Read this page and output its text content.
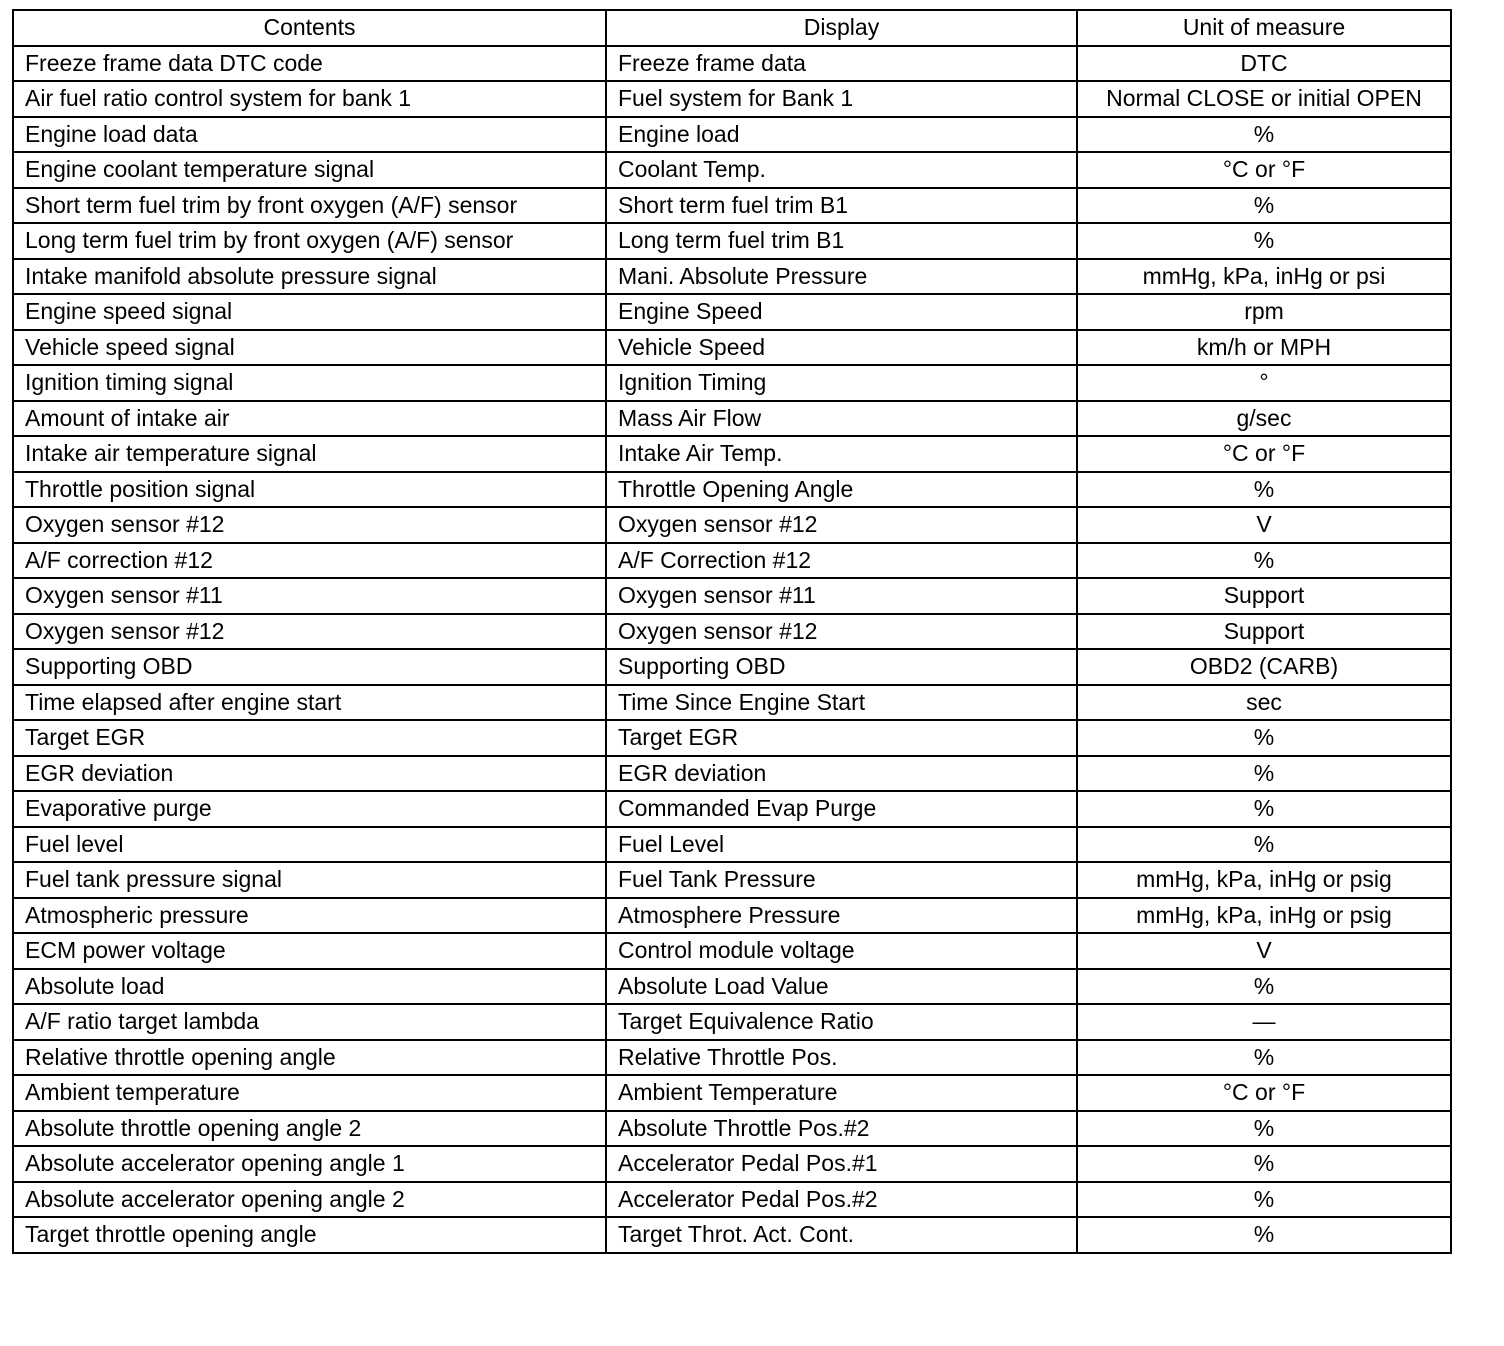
Contents	Display	Unit of measure
Freeze frame data DTC code	Freeze frame data	DTC
Air fuel ratio control system for bank 1	Fuel system for Bank 1	Normal CLOSE or initial OPEN
Engine load data	Engine load	%
Engine coolant temperature signal	Coolant Temp.	°C or °F
Short term fuel trim by front oxygen (A/F) sensor	Short term fuel trim B1	%
Long term fuel trim by front oxygen (A/F) sensor	Long term fuel trim B1	%
Intake manifold absolute pressure signal	Mani. Absolute Pressure	mmHg, kPa, inHg or psi
Engine speed signal	Engine Speed	rpm
Vehicle speed signal	Vehicle Speed	km/h or MPH
Ignition timing signal	Ignition Timing	°
Amount of intake air	Mass Air Flow	g/sec
Intake air temperature signal	Intake Air Temp.	°C or °F
Throttle position signal	Throttle Opening Angle	%
Oxygen sensor #12	Oxygen sensor #12	V
A/F correction #12	A/F Correction #12	%
Oxygen sensor #11	Oxygen sensor #11	Support
Oxygen sensor #12	Oxygen sensor #12	Support
Supporting OBD	Supporting OBD	OBD2 (CARB)
Time elapsed after engine start	Time Since Engine Start	sec
Target EGR	Target EGR	%
EGR deviation	EGR deviation	%
Evaporative purge	Commanded Evap Purge	%
Fuel level	Fuel Level	%
Fuel tank pressure signal	Fuel Tank Pressure	mmHg, kPa, inHg or psig
Atmospheric pressure	Atmosphere Pressure	mmHg, kPa, inHg or psig
ECM power voltage	Control module voltage	V
Absolute load	Absolute Load Value	%
A/F ratio target lambda	Target Equivalence Ratio	—
Relative throttle opening angle	Relative Throttle Pos.	%
Ambient temperature	Ambient Temperature	°C or °F
Absolute throttle opening angle 2	Absolute Throttle Pos.#2	%
Absolute accelerator opening angle 1	Accelerator Pedal Pos.#1	%
Absolute accelerator opening angle 2	Accelerator Pedal Pos.#2	%
Target throttle opening angle	Target Throt. Act. Cont.	%
